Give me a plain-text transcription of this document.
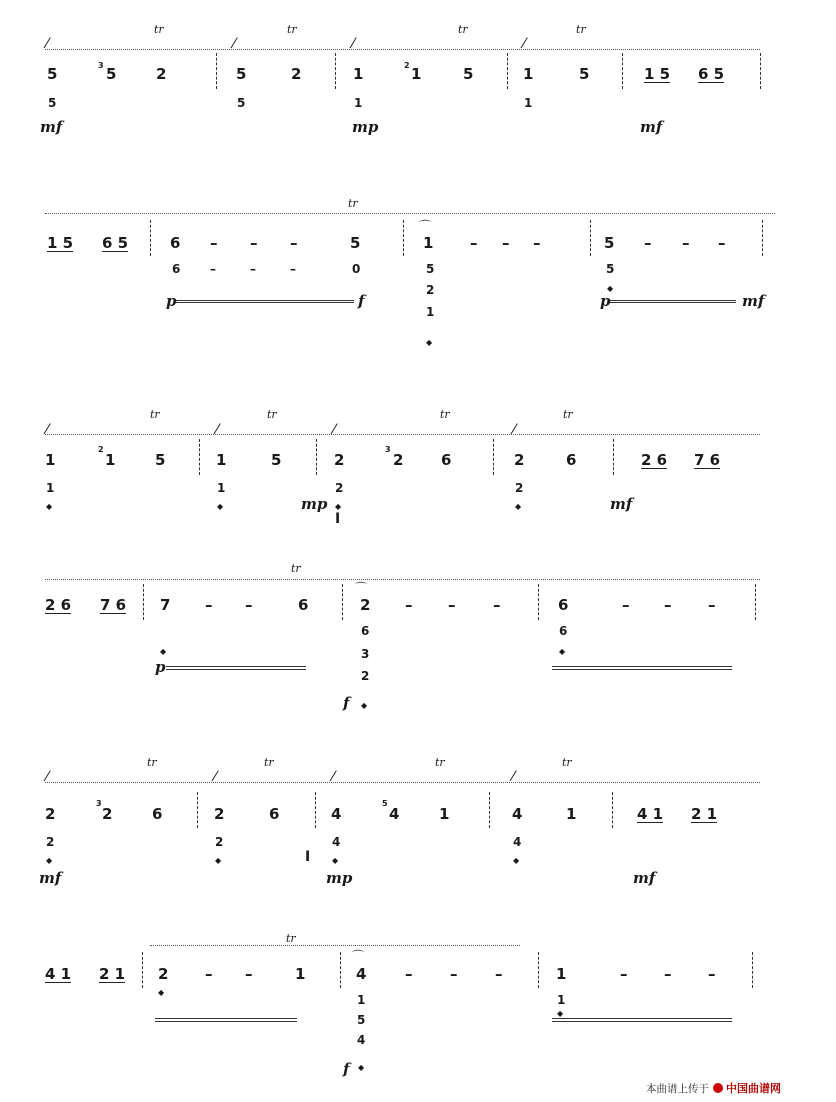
⁄	⁄	⁄	⁄
tr	tr	tr	tr
5	3 5	2	5	2	1	2 1	5	1	5	1 5 6 5
5	5	1	1
mf	mp	mf
tr
1 5 6 5	6 – – –	5
⌒
1 – – –	5 – – –
6 –	–	–	0	5
2
1
◆
5
◆
p	f	p	mf
⁄	⁄	⁄	⁄
tr	tr	tr	tr
1
2
1	5	1	5	2
3
2	6	2	6	2 6 7 6
1
◆
1
◆
2
◆
Ⅰ
2
◆
mp	mf
tr
2 6 7 6 7 – –	6
⌒
2 – –	–	6	– – –
◆
6
3
2
◆
6
◆
p
f
⁄	⁄	⁄	⁄
tr	tr	tr	tr
2
3
2	6	2	6	4
5
4	1	4	1	4 1 2 1
2
◆
2
◆	Ⅰ
4
◆
4
◆
mf	mp	mf
tr
4 1 2 1 2 – –	1
⌒
4	–	–	–	1	– – –
◆
1
5
4
◆
f
1
◆
本曲谱上传于 中国曲谱网
